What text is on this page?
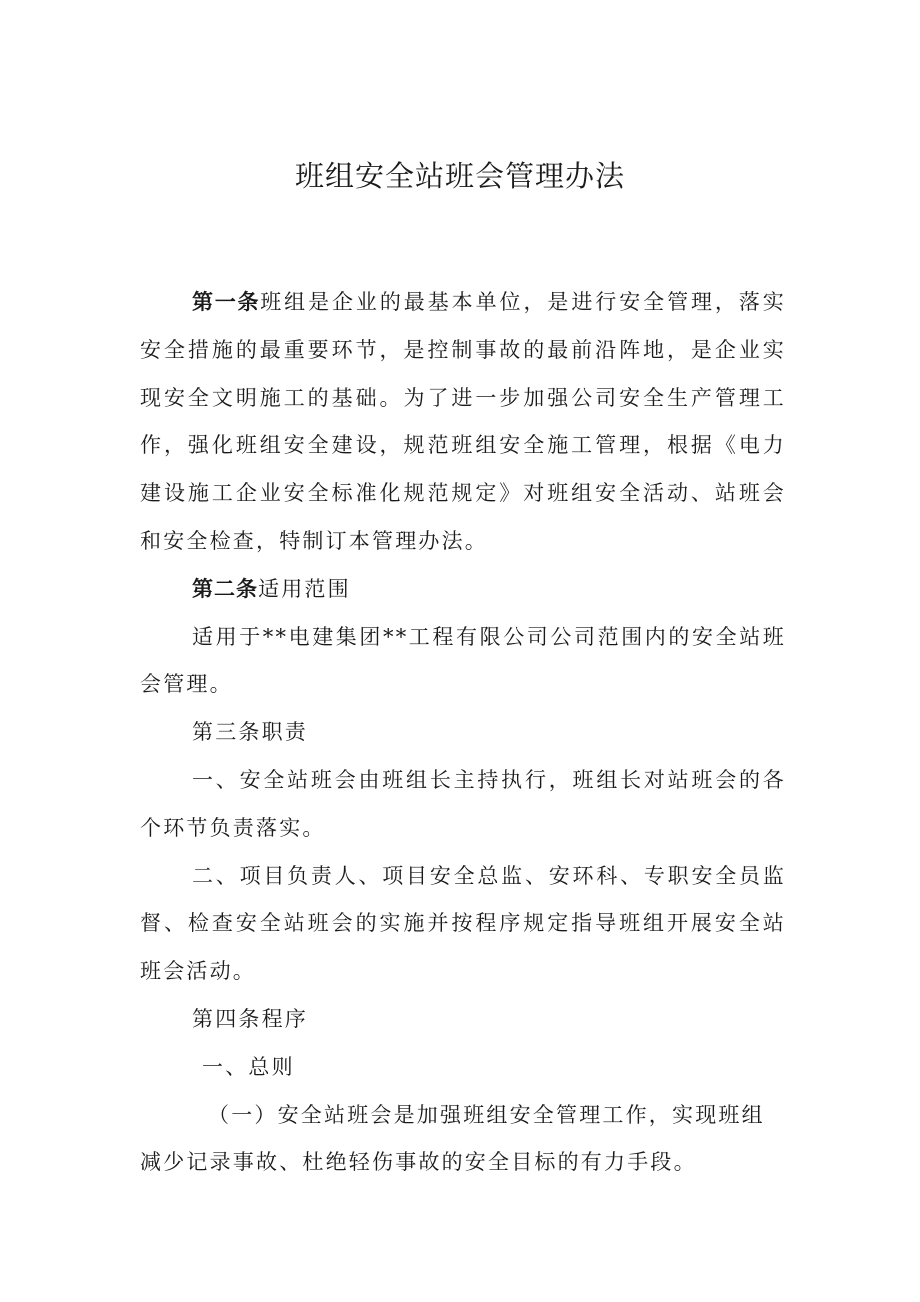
班组安全站班会管理办法

第一条班组是企业的最基本单位，是进行安全管理，落实安全措施的最重要环节，是控制事故的最前沿阵地，是企业实现安全文明施工的基础。为了进一步加强公司安全生产管理工作，强化班组安全建设，规范班组安全施工管理，根据《电力建设施工企业安全标准化规范规定》对班组安全活动、站班会和安全检查，特制订本管理办法。

第二条适用范围

适用于**电建集团**工程有限公司公司范围内的安全站班会管理。

第三条职责

一、安全站班会由班组长主持执行，班组长对站班会的各个环节负责落实。

二、项目负责人、项目安全总监、安环科、专职安全员监督、检查安全站班会的实施并按程序规定指导班组开展安全站班会活动。

第四条程序

一、总则

（一）安全站班会是加强班组安全管理工作，实现班组

减少记录事故、杜绝轻伤事故的安全目标的有力手段。
